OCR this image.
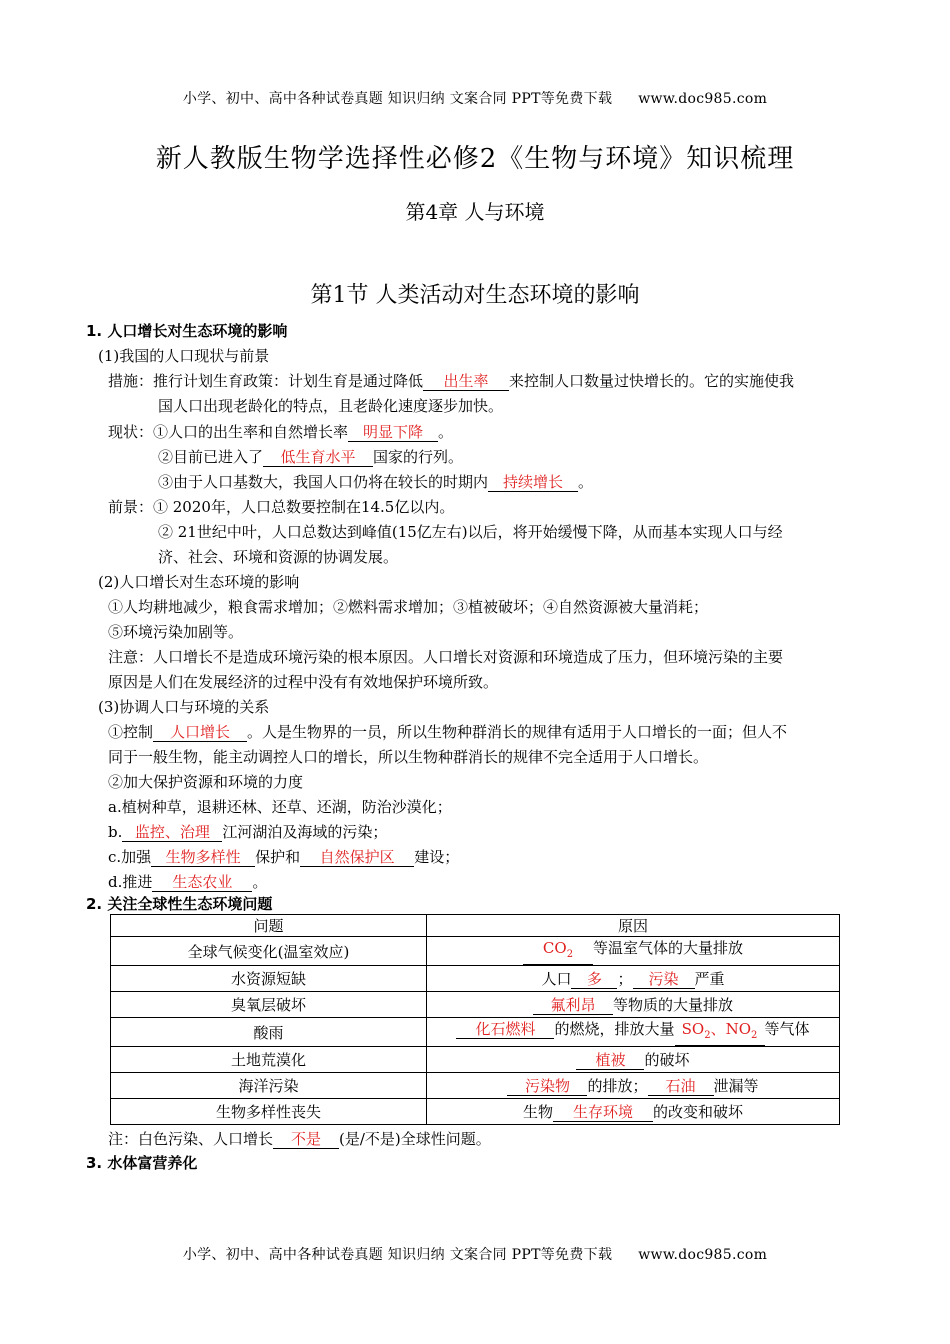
小学、初中、高中各种试卷真题 知识归纳 文案合同 PPT等免费下载 www.doc985.com
新人教版生物学选择性必修2《生物与环境》知识梳理
第4章 人与环境
第1节 人类活动对生态环境的影响
1. 人口增长对生态环境的影响
(1)我国的人口现状与前景
措施：推行计划生育政策：计划生育是通过降低 出生率 来控制人口数量过快增长的。它的实施使我
国人口出现老龄化的特点，且老龄化速度逐步加快。
现状：①人口的出生率和自然增长率 明显下降 。
②目前已进入了 低生育水平 国家的行列。
③由于人口基数大，我国人口仍将在较长的时期内 持续增长 。
前景：① 2020年，人口总数要控制在14.5亿以内。
② 21世纪中叶，人口总数达到峰值(15亿左右)以后，将开始缓慢下降，从而基本实现人口与经
济、社会、环境和资源的协调发展。
(2)人口增长对生态环境的影响
①人均耕地减少，粮食需求增加；②燃料需求增加；③植被破坏；④自然资源被大量消耗；
⑤环境污染加剧等。
注意：人口增长不是造成环境污染的根本原因。人口增长对资源和环境造成了压力，但环境污染的主要
原因是人们在发展经济的过程中没有有效地保护环境所致。
(3)协调人口与环境的关系
①控制 人口增长 。人是生物界的一员，所以生物种群消长的规律有适用于人口增长的一面；但人不
同于一般生物，能主动调控人口的增长，所以生物种群消长的规律不完全适用于人口增长。
②加大保护资源和环境的力度
a.植树种草，退耕还林、还草、还湖，防治沙漠化；
b. 监控、治理 江河湖泊及海域的污染；
c.加强 生物多样性 保护和 自然保护区 建设；
d.推进 生态农业 。
2. 关注全球性生态环境问题
问题	原因
全球气候变化(温室效应)	$CO_2$ 等温室气体的大量排放
水资源短缺	人口 多 ； 污染 严重
臭氧层破坏	氟利昂 等物质的大量排放
酸雨	化石燃料 的燃烧，排放大量 $SO_2$、$NO_2$ 等气体
土地荒漠化	植被 的破坏
海洋污染	污染物 的排放； 石油 泄漏等
生物多样性丧失	生物 生存环境 的改变和破坏
注：白色污染、人口增长 不是 (是/不是)全球性问题。
3. 水体富营养化
小学、初中、高中各种试卷真题 知识归纳 文案合同 PPT等免费下载 www.doc985.com
